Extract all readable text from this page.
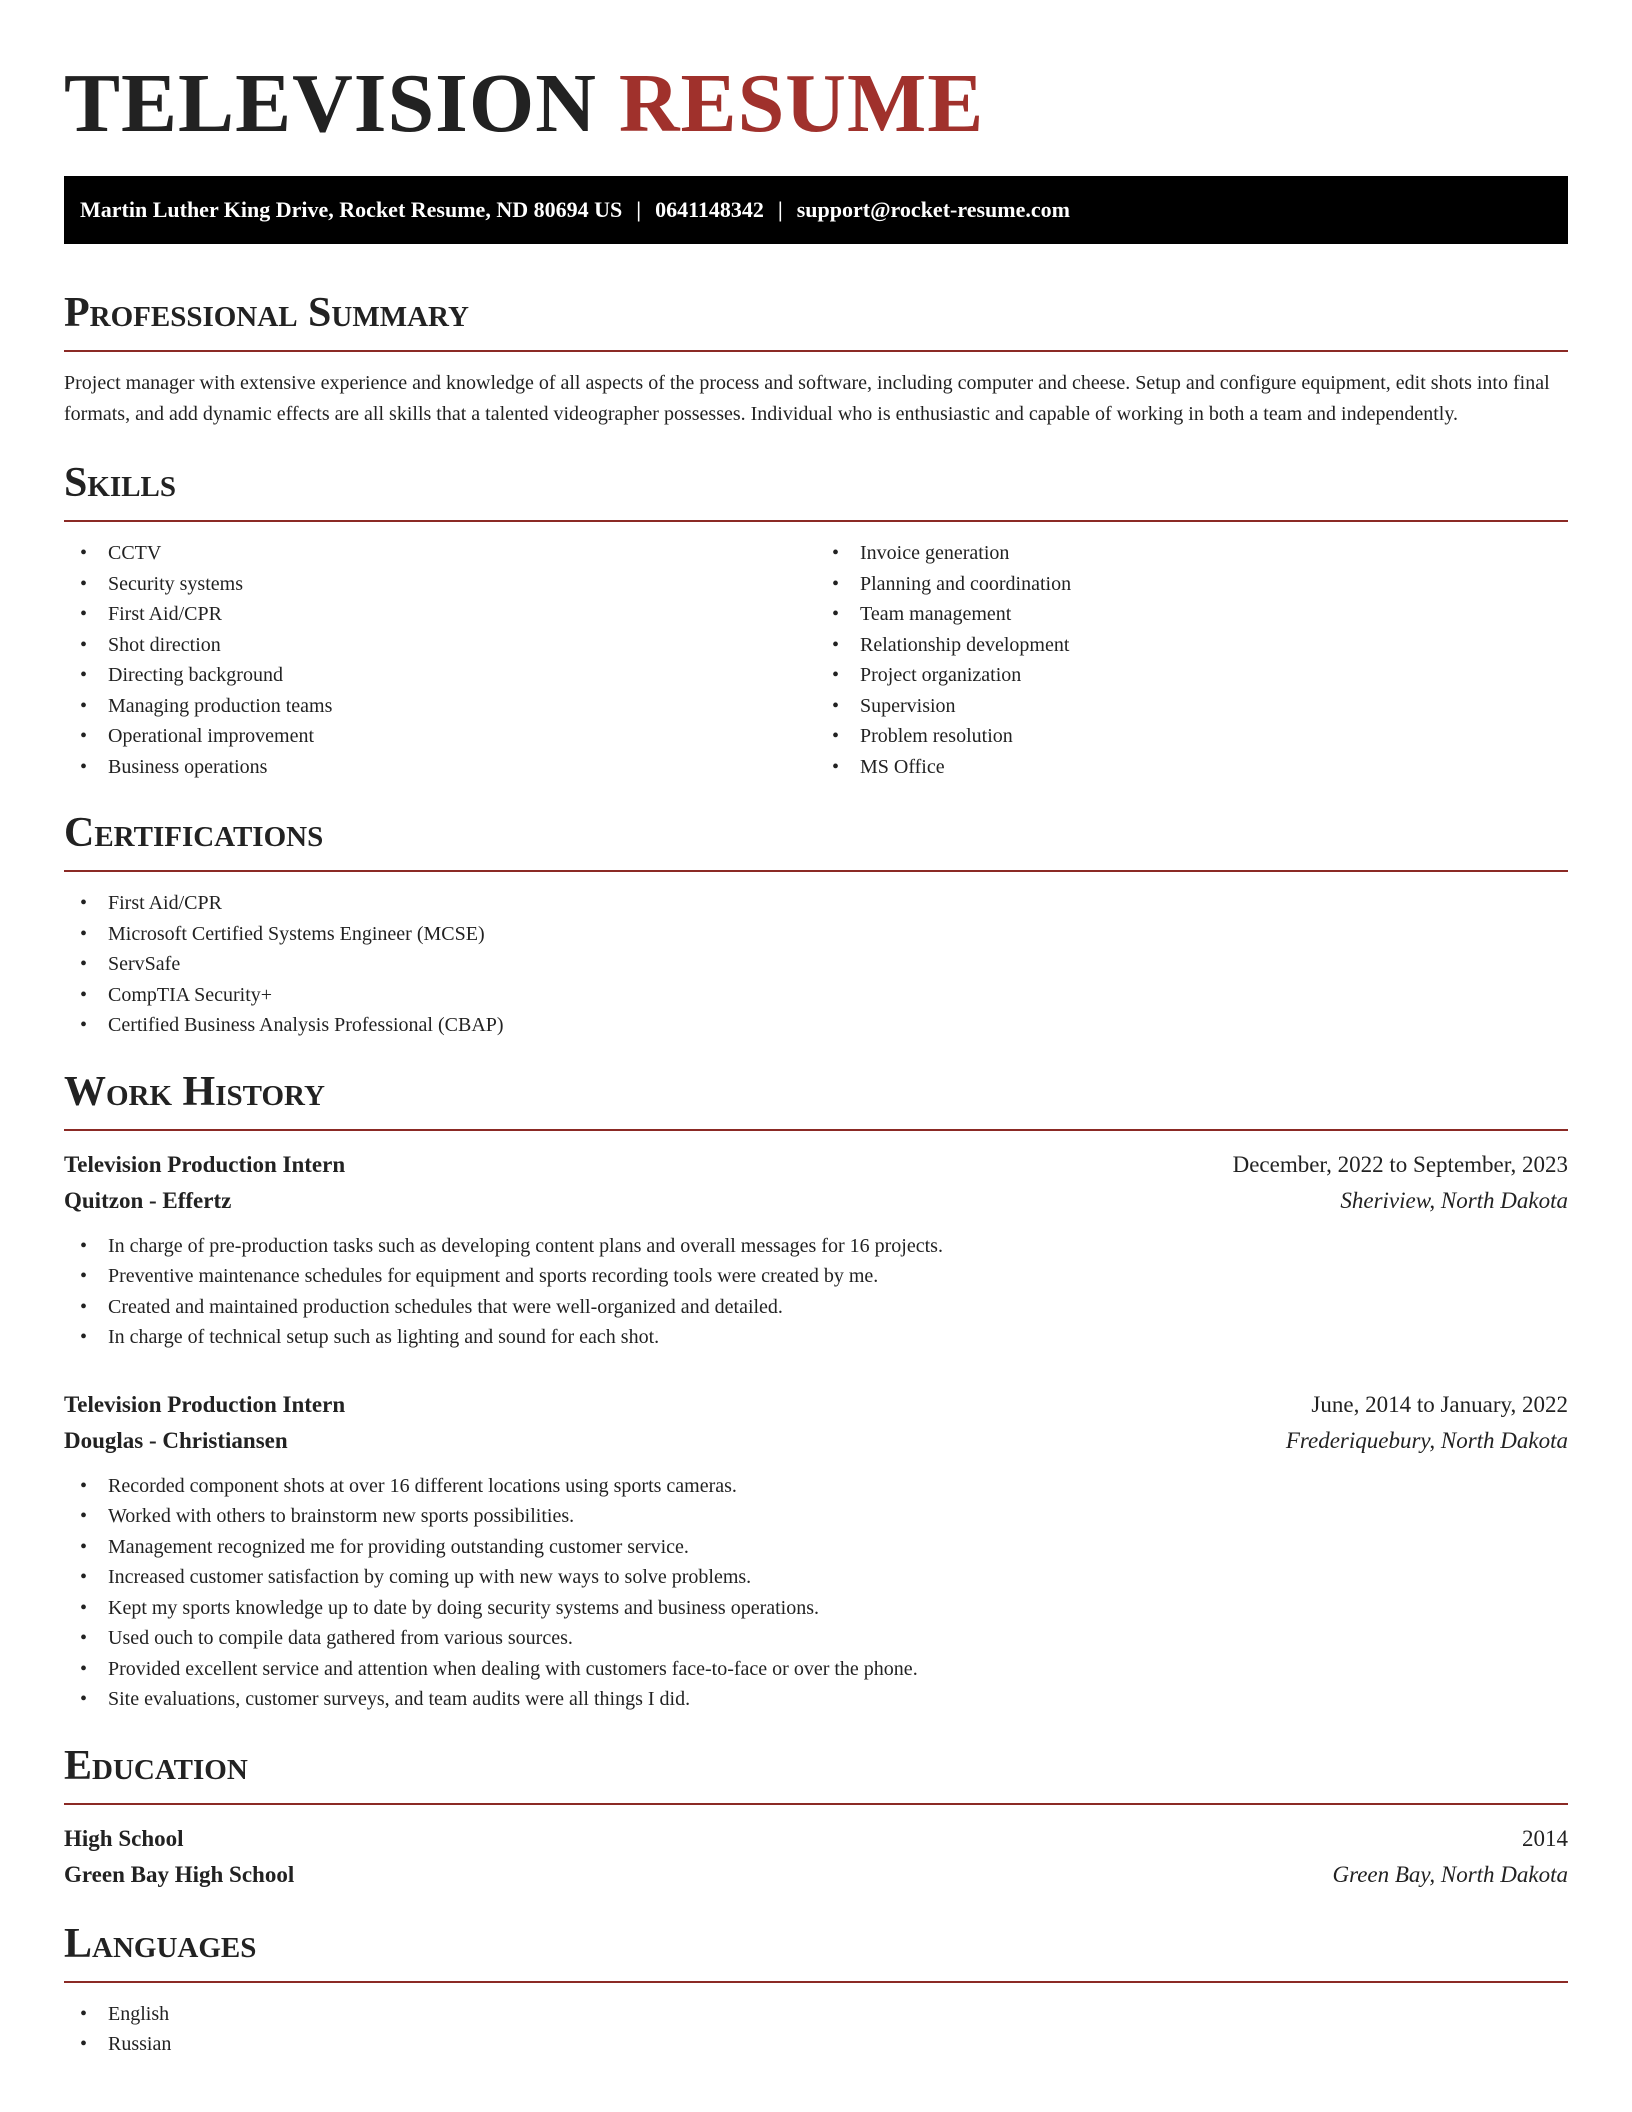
TELEVISION RESUME
Martin Luther King Drive, Rocket Resume, ND 80694 US | 0641148342 | support@rocket-resume.com
Professional Summary

Project manager with extensive experience and knowledge of all aspects of the process and software, including computer and cheese. Setup and configure equipment, edit shots into final formats, and add dynamic effects are all skills that a talented videographer possesses. Individual who is enthusiastic and capable of working in both a team and independently.

Skills
• CCTV
• Security systems
• First Aid/CPR
• Shot direction
• Directing background
• Managing production teams
• Operational improvement
• Business operations
• Invoice generation
• Planning and coordination
• Team management
• Relationship development
• Project organization
• Supervision
• Problem resolution
• MS Office
Certifications
• First Aid/CPR
• Microsoft Certified Systems Engineer (MCSE)
• ServSafe
• CompTIA Security+
• Certified Business Analysis Professional (CBAP)
Work History
Television Production Intern	December, 2022 to September, 2023
Quitzon - Effertz	Sheriview, North Dakota
• In charge of pre-production tasks such as developing content plans and overall messages for 16 projects.
• Preventive maintenance schedules for equipment and sports recording tools were created by me.
• Created and maintained production schedules that were well-organized and detailed.
• In charge of technical setup such as lighting and sound for each shot.
Television Production Intern	June, 2014 to January, 2022
Douglas - Christiansen	Frederiquebury, North Dakota
• Recorded component shots at over 16 different locations using sports cameras.
• Worked with others to brainstorm new sports possibilities.
• Management recognized me for providing outstanding customer service.
• Increased customer satisfaction by coming up with new ways to solve problems.
• Kept my sports knowledge up to date by doing security systems and business operations.
• Used ouch to compile data gathered from various sources.
• Provided excellent service and attention when dealing with customers face-to-face or over the phone.
• Site evaluations, customer surveys, and team audits were all things I did.
Education
High School	2014
Green Bay High School	Green Bay, North Dakota
Languages
• English
• Russian
